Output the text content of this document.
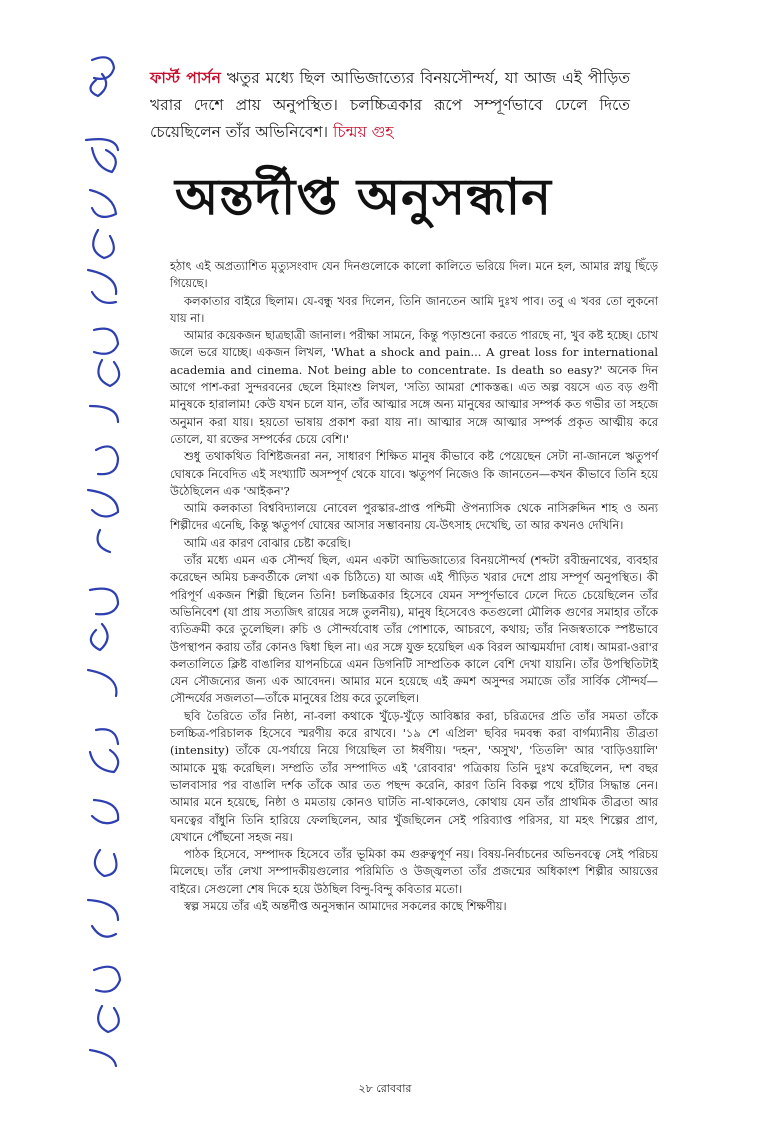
ফার্স্ট পার্সন ঋতুর মধ্যে ছিল আভিজাত্যের বিনয়সৌন্দর্য, যা আজ এই পীড়িত খরার দেশে প্রায় অনুপস্থিত। চলচ্চিত্রকার রূপে সম্পূর্ণভাবে ঢেলে দিতে চেয়েছিলেন তাঁর অভিনিবেশ। চিন্ময় গুহ
অন্তর্দীপ্ত অনুসন্ধান

হঠাৎ এই অপ্রত্যাশিত মৃত্যুসংবাদ যেন দিনগুলোকে কালো কালিতে ভরিয়ে দিল। মনে হল, আমার স্নায়ু ছিঁড়ে গিয়েছে।

কলকাতার বাইরে ছিলাম। যে-বন্ধু খবর দিলেন, তিনি জানতেন আমি দুঃখ পাব। তবু এ খবর তো লুকনো যায় না।

আমার কয়েকজন ছাত্রছাত্রী জানাল। পরীক্ষা সামনে, কিন্তু পড়াশুনো করতে পারছে না, খুব কষ্ট হচ্ছে। চোখ জলে ভরে যাচ্ছে। একজন লিখল, 'What a shock and pain... A great loss for international academia and cinema. Not being able to concentrate. Is death so easy?' অনেক দিন আগে পাশ-করা সুন্দরবনের ছেলে হিমাংশু লিখল, 'সত্যি আমরা শোকস্তব্ধ। এত অল্প বয়সে এত বড় গুণী মানুষকে হারালাম! কেউ যখন চলে যান, তাঁর আত্মার সঙ্গে অন্য মানুষের আত্মার সম্পর্ক কত গভীর তা সহজে অনুমান করা যায়। হয়তো ভাষায় প্রকাশ করা যায় না। আত্মার সঙ্গে আত্মার সম্পর্ক প্রকৃত আত্মীয় করে তোলে, যা রক্তের সম্পর্কের চেয়ে বেশি।'

শুধু তথাকথিত বিশিষ্টজনরা নন, সাধারণ শিক্ষিত মানুষ কীভাবে কষ্ট পেয়েছেন সেটা না-জানলে ঋতুপর্ণ ঘোষকে নিবেদিত এই সংখ্যাটি অসম্পূর্ণ থেকে যাবে। ঋতুপর্ণ নিজেও কি জানতেন—কখন কীভাবে তিনি হয়ে উঠেছিলেন এক 'আইকন'?

আমি কলকাতা বিশ্ববিদ্যালয়ে নোবেল পুরস্কার-প্রাপ্ত পশ্চিমী ঔপন্যাসিক থেকে নাসিরুদ্দিন শাহ ও অন্য শিল্পীদের এনেছি, কিন্তু ঋতুপর্ণ ঘোষের আসার সম্ভাবনায় যে-উৎসাহ দেখেছি, তা আর কখনও দেখিনি।

আমি এর কারণ বোঝার চেষ্টা করেছি।

তাঁর মধ্যে এমন এক সৌন্দর্য ছিল, এমন একটা আভিজাত্যের বিনয়সৌন্দর্য (শব্দটা রবীন্দ্রনাথের, ব্যবহার করেছেন অমিয় চক্রবর্তীকে লেখা এক চিঠিতে) যা আজ এই পীড়িত খরার দেশে প্রায় সম্পূর্ণ অনুপস্থিত। কী পরিপূর্ণ একজন শিল্পী ছিলেন তিনি! চলচ্চিত্রকার হিসেবে যেমন সম্পূর্ণভাবে ঢেলে দিতে চেয়েছিলেন তাঁর অভিনিবেশ (যা প্রায় সত্যজিৎ রায়ের সঙ্গে তুলনীয়), মানুষ হিসেবেও কতগুলো মৌলিক গুণের সমাহার তাঁকে ব্যতিক্রমী করে তুলেছিল। রুচি ও সৌন্দর্যবোধ তাঁর পোশাকে, আচরণে, কথায়; তাঁর নিজস্বতাকে স্পষ্টভাবে উপস্থাপন করায় তাঁর কোনও দ্বিধা ছিল না। এর সঙ্গে যুক্ত হয়েছিল এক বিরল আত্মমর্যাদা বোধ। আমরা-ওরা'র কলতালিতে ক্লিষ্ট বাঙালির যাপনচিত্রে এমন ডিগনিটি সাম্প্রতিক কালে বেশি দেখা যায়নি। তাঁর উপস্থিতিটাই যেন সৌজন্যের জন্য এক আবেদন। আমার মনে হয়েছে এই ক্রমশ অসুন্দর সমাজে তাঁর সার্বিক সৌন্দর্য—সৌন্দর্যের সজলতা—তাঁকে মানুষের প্রিয় করে তুলেছিল।

ছবি তৈরিতে তাঁর নিষ্ঠা, না-বলা কথাকে খুঁড়ে-খুঁড়ে আবিষ্কার করা, চরিত্রদের প্রতি তাঁর সমতা তাঁকে চলচ্চিত্র-পরিচালক হিসেবে স্মরণীয় করে রাখবে। '১৯ শে এপ্রিল' ছবির দমবন্ধ করা বার্গম্যানীয় তীব্রতা (intensity) তাঁকে যে-পর্যায়ে নিয়ে গিয়েছিল তা ঈর্ষণীয়। 'দহন', 'অসুখ', 'তিতলি' আর 'বাড়িওয়ালি' আমাকে মুগ্ধ করেছিল। সম্প্রতি তাঁর সম্পাদিত এই 'রোববার' পত্রিকায় তিনি দুঃখ করেছিলেন, দশ বছর ভালবাসার পর বাঙালি দর্শক তাঁকে আর তত পছন্দ করেনি, কারণ তিনি বিকল্প পথে হাঁটার সিদ্ধান্ত নেন। আমার মনে হয়েছে, নিষ্ঠা ও মমতায় কোনও ঘাটতি না-থাকলেও, কোথায় যেন তাঁর প্রাথমিক তীব্রতা আর ঘনত্বের বাঁধুনি তিনি হারিয়ে ফেলছিলেন, আর খুঁজছিলেন সেই পরিব্যাপ্ত পরিসর, যা মহৎ শিল্পের প্রাণ, যেখানে পৌঁছনো সহজ নয়।

পাঠক হিসেবে, সম্পাদক হিসেবে তাঁর ভূমিকা কম গুরুত্বপূর্ণ নয়। বিষয়-নির্বাচনের অভিনবত্বে সেই পরিচয় মিলেছে। তাঁর লেখা সম্পাদকীয়গুলোর পরিমিতি ও উজ্জ্বলতা তাঁর প্রজন্মের অধিকাংশ শিল্পীর আয়ত্তের বাইরে। সেগুলো শেষ দিকে হয়ে উঠছিল বিন্দু-বিন্দু কবিতার মতো।

স্বল্প সময়ে তাঁর এই অন্তর্দীপ্ত অনুসন্ধান আমাদের সকলের কাছে শিক্ষণীয়।

২৮ রোববার
